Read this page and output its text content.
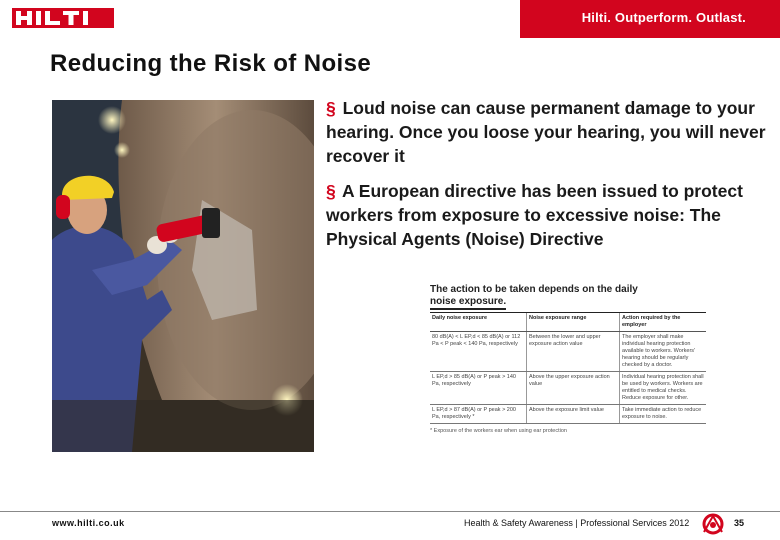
Hilti. Outperform. Outlast.
Reducing the Risk of Noise
§ Loud noise can cause permanent damage to your hearing. Once you loose your hearing, you will never recover it
§ A European directive has been issued to protect workers from exposure to excessive noise: The Physical Agents (Noise) Directive
The action to be taken depends on the daily
noise exposure.
Daily noise exposure	Noise exposure range	Action required by the employer
80 dB(A) < L EP,d < 85 dB(A) or 112 Pa < P peak < 140 Pa, respectively	Between the lower and upper exposure action value	The employer shall make individual hearing protection available to workers. Workers' hearing should be regularly checked by a doctor.
L EP,d > 85 dB(A) or P peak > 140 Pa, respectively	Above the upper exposure action value	Individual hearing protection shall be used by workers. Workers are entitled to medical checks. Reduce exposure for other.
L EP,d > 87 dB(A) or P peak > 200 Pa, respectively *	Above the exposure limit value	Take immediate action to reduce exposure to noise.
* Exposure of the workers ear when using ear protection
www.hilti.co.uk	Health & Safety Awareness | Professional Services 2012	35
